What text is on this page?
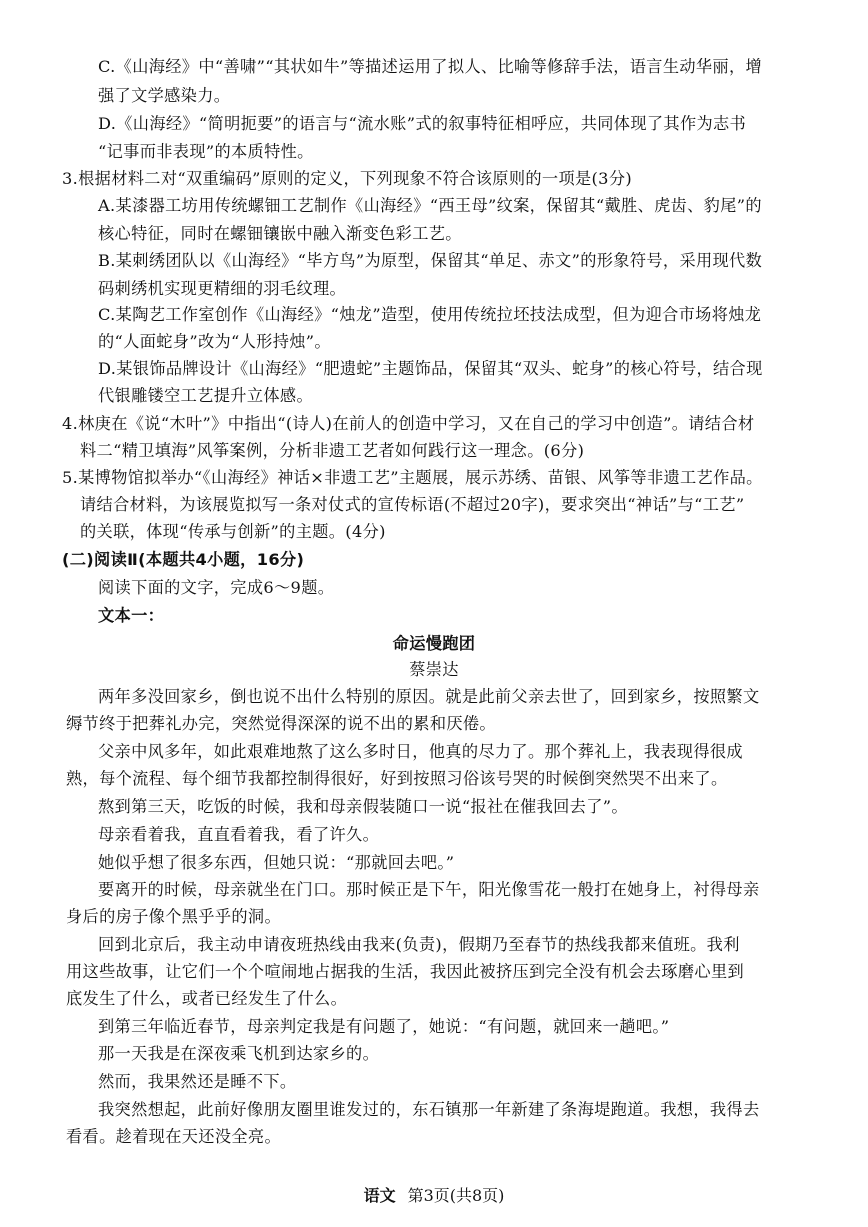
C.《山海经》中“善啸”“其状如牛”等描述运用了拟人、比喻等修辞手法，语言生动华丽，增
强了文学感染力。
D.《山海经》“简明扼要”的语言与“流水账”式的叙事特征相呼应，共同体现了其作为志书
“记事而非表现”的本质特性。
3.根据材料二对“双重编码”原则的定义，下列现象不符合该原则的一项是(3分)
A.某漆器工坊用传统螺钿工艺制作《山海经》“西王母”纹案，保留其“戴胜、虎齿、豹尾”的
核心特征，同时在螺钿镶嵌中融入渐变色彩工艺。
B.某刺绣团队以《山海经》“毕方鸟”为原型，保留其“单足、赤文”的形象符号，采用现代数
码刺绣机实现更精细的羽毛纹理。
C.某陶艺工作室创作《山海经》“烛龙”造型，使用传统拉坯技法成型，但为迎合市场将烛龙
的“人面蛇身”改为“人形持烛”。
D.某银饰品牌设计《山海经》“肥遗蛇”主题饰品，保留其“双头、蛇身”的核心符号，结合现
代银雕镂空工艺提升立体感。
4.林庚在《说“木叶”》中指出“(诗人)在前人的创造中学习，又在自己的学习中创造”。请结合材
料二“精卫填海”风筝案例，分析非遗工艺者如何践行这一理念。(6分)
5.某博物馆拟举办“《山海经》神话×非遗工艺”主题展，展示苏绣、苗银、风筝等非遗工艺作品。
请结合材料，为该展览拟写一条对仗式的宣传标语(不超过20字)，要求突出“神话”与“工艺”
的关联，体现“传承与创新”的主题。(4分)
(二)阅读Ⅱ(本题共4小题，16分)
阅读下面的文字，完成6～9题。
文本一：
命运慢跑团
蔡崇达
两年多没回家乡，倒也说不出什么特别的原因。就是此前父亲去世了，回到家乡，按照繁文
缛节终于把葬礼办完，突然觉得深深的说不出的累和厌倦。
父亲中风多年，如此艰难地熬了这么多时日，他真的尽力了。那个葬礼上，我表现得很成
熟，每个流程、每个细节我都控制得很好，好到按照习俗该号哭的时候倒突然哭不出来了。
熬到第三天，吃饭的时候，我和母亲假装随口一说“报社在催我回去了”。
母亲看着我，直直看着我，看了许久。
她似乎想了很多东西，但她只说：“那就回去吧。”
要离开的时候，母亲就坐在门口。那时候正是下午，阳光像雪花一般打在她身上，衬得母亲
身后的房子像个黑乎乎的洞。
回到北京后，我主动申请夜班热线由我来(负责)，假期乃至春节的热线我都来值班。我利
用这些故事，让它们一个个喧闹地占据我的生活，我因此被挤压到完全没有机会去琢磨心里到
底发生了什么，或者已经发生了什么。
到第三年临近春节，母亲判定我是有问题了，她说：“有问题，就回来一趟吧。”
那一天我是在深夜乘飞机到达家乡的。
然而，我果然还是睡不下。
我突然想起，此前好像朋友圈里谁发过的，东石镇那一年新建了条海堤跑道。我想，我得去
看看。趁着现在天还没全亮。
语文 第3页(共8页)
